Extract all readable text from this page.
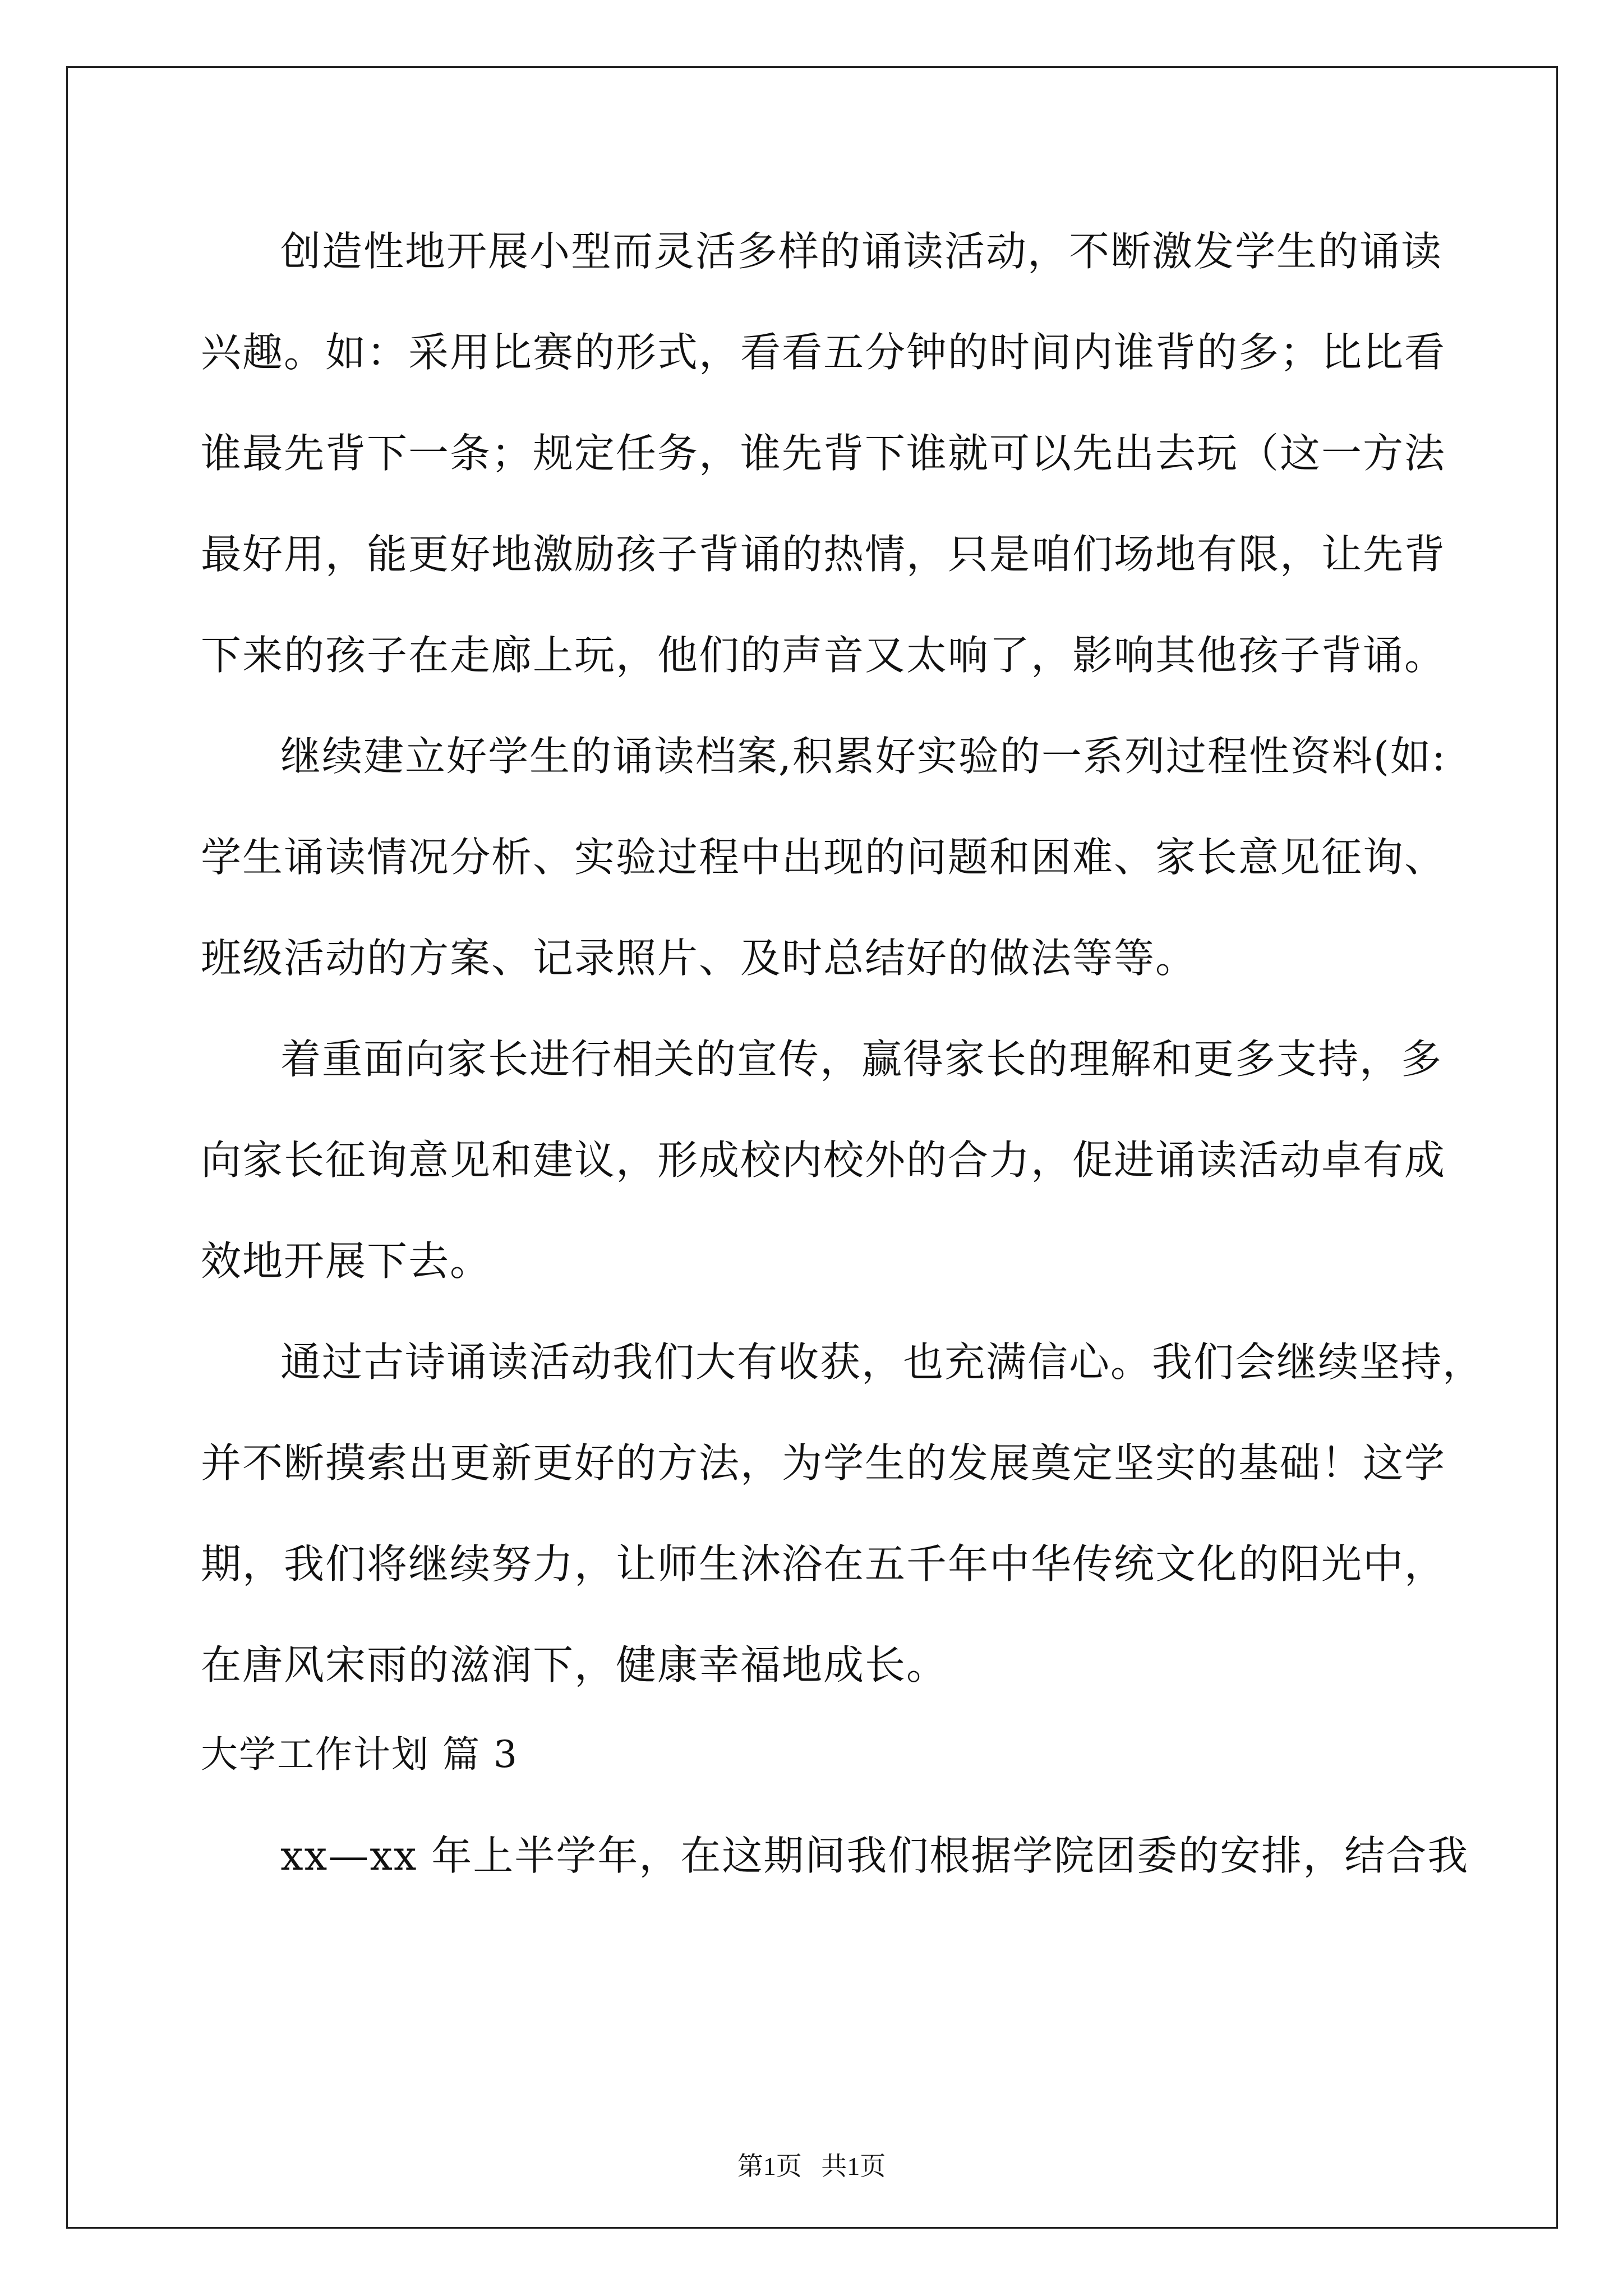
创造性地开展小型而灵活多样的诵读活动，不断激发学生的诵读
兴趣。如：采用比赛的形式，看看五分钟的时间内谁背的多；比比看
谁最先背下一条；规定任务，谁先背下谁就可以先出去玩（这一方法
最好用，能更好地激励孩子背诵的热情，只是咱们场地有限，让先背
下来的孩子在走廊上玩，他们的声音又太响了，影响其他孩子背诵。
继续建立好学生的诵读档案,积累好实验的一系列过程性资料(如:
学生诵读情况分析、实验过程中出现的问题和困难、家长意见征询、
班级活动的方案、记录照片、及时总结好的做法等等。
着重面向家长进行相关的宣传，赢得家长的理解和更多支持，多
向家长征询意见和建议，形成校内校外的合力，促进诵读活动卓有成
效地开展下去。
通过古诗诵读活动我们大有收获，也充满信心。我们会继续坚持，
并不断摸索出更新更好的方法，为学生的发展奠定坚实的基础！这学
期，我们将继续努力，让师生沐浴在五千年中华传统文化的阳光中，
在唐风宋雨的滋润下，健康幸福地成长。
大学工作计划 篇 3
xx—xx 年上半学年，在这期间我们根据学院团委的安排，结合我
第1页   共1页
